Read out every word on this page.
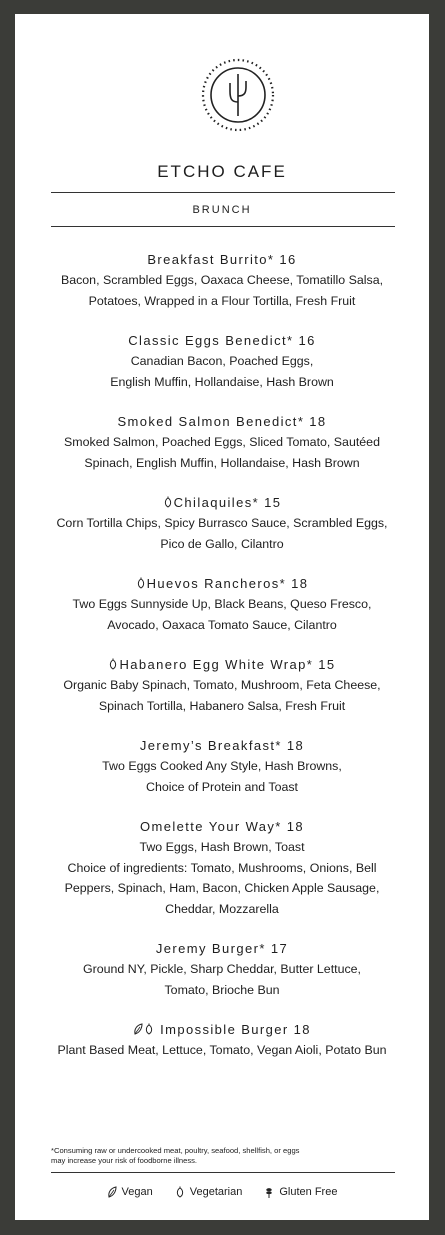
ETCHO CAFE
BRUNCH
Breakfast Burrito* 16
Bacon, Scrambled Eggs, Oaxaca Cheese, Tomatillo Salsa,
Potatoes, Wrapped in a Flour Tortilla, Fresh Fruit
Classic Eggs Benedict* 16
Canadian Bacon, Poached Eggs,
English Muffin, Hollandaise, Hash Brown
Smoked Salmon Benedict* 18
Smoked Salmon, Poached Eggs, Sliced Tomato, Sautéed
Spinach, English Muffin, Hollandaise, Hash Brown
Chilaquiles* 15
Corn Tortilla Chips, Spicy Burrasco Sauce, Scrambled Eggs,
Pico de Gallo, Cilantro
Huevos Rancheros* 18
Two Eggs Sunnyside Up, Black Beans, Queso Fresco,
Avocado, Oaxaca Tomato Sauce, Cilantro
Habanero Egg White Wrap* 15
Organic Baby Spinach, Tomato, Mushroom, Feta Cheese,
Spinach Tortilla, Habanero Salsa, Fresh Fruit
Jeremy’s Breakfast* 18
Two Eggs Cooked Any Style, Hash Browns,
Choice of Protein and Toast
Omelette Your Way* 18
Two Eggs, Hash Brown, Toast
Choice of ingredients: Tomato, Mushrooms, Onions, Bell
Peppers, Spinach, Ham, Bacon, Chicken Apple Sausage,
Cheddar, Mozzarella
Jeremy Burger* 17
Ground NY, Pickle, Sharp Cheddar, Butter Lettuce,
Tomato, Brioche Bun
Impossible Burger 18
Plant Based Meat, Lettuce, Tomato, Vegan Aioli, Potato Bun
*Consuming raw or undercooked meat, poultry, seafood, shellfish, or eggs
may increase your risk of foodborne illness.
Vegan	Vegetarian	Gluten Free
